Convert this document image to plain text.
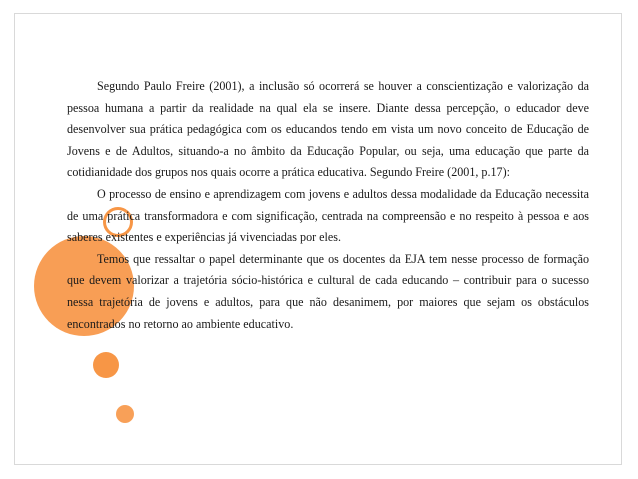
Segundo Paulo Freire (2001), a inclusão só ocorrerá se houver a conscientização e valorização da pessoa humana a partir da realidade na qual ela se insere. Diante dessa percepção, o educador deve desenvolver sua prática pedagógica com os educandos tendo em vista um novo conceito de Educação de Jovens e de Adultos, situando-a no âmbito da Educação Popular, ou seja, uma educação que parte da cotidianidade dos grupos nos quais ocorre a prática educativa. Segundo Freire (2001, p.17):

O processo de ensino e aprendizagem com jovens e adultos dessa modalidade da Educação necessita de uma prática transformadora e com significação, centrada na compreensão e no respeito à pessoa e aos saberes existentes e experiências já vivenciadas por eles.

Temos que ressaltar o papel determinante que os docentes da EJA tem nesse processo de formação que devem valorizar a trajetória sócio-histórica e cultural de cada educando – contribuir para o sucesso nessa trajetória de jovens e adultos, para que não desanimem, por maiores que sejam os obstáculos encontrados no retorno ao ambiente educativo.
